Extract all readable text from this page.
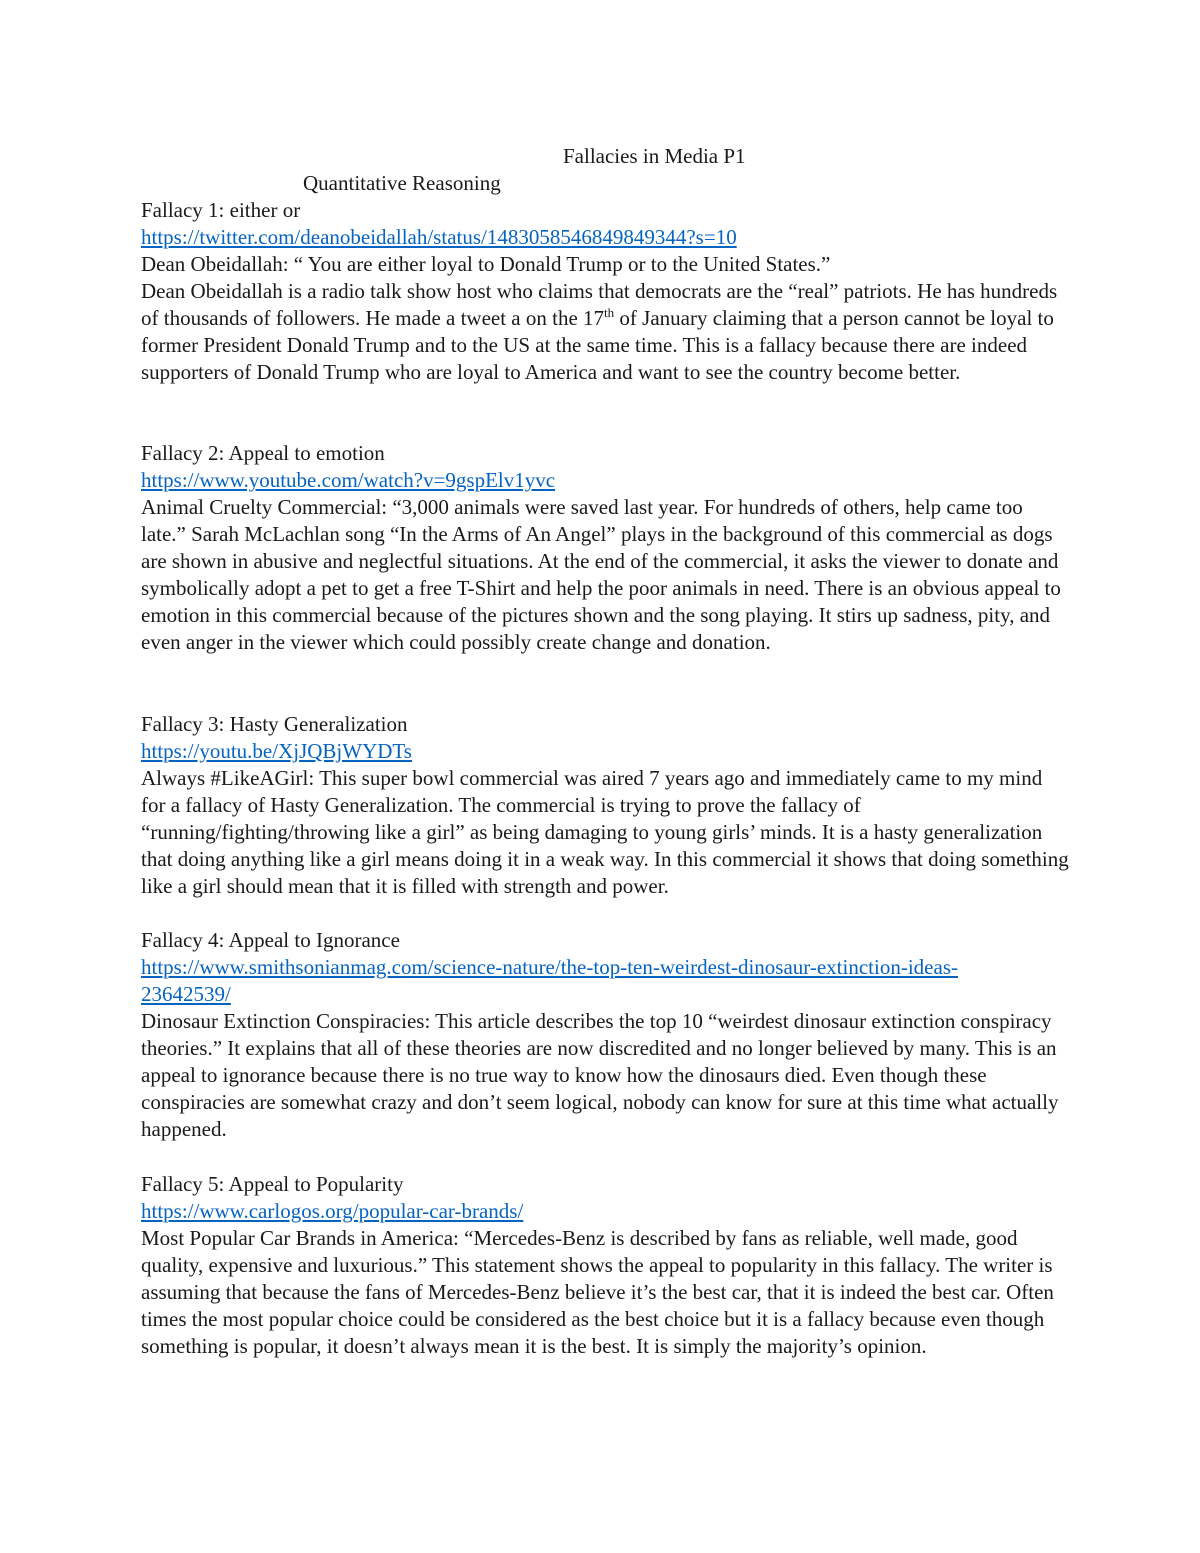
Quantitative Reasoning

Fallacies in Media P1

Fallacy 1: either or

https://twitter.com/deanobeidallah/status/1483058546849849344?s=10

Dean Obeidallah: “ You are either loyal to Donald Trump or to the United States.”

Dean Obeidallah is a radio talk show host who claims that democrats are the “real” patriots. He has hundreds of thousands of followers. He made a tweet a on the 17th of January claiming that a person cannot be loyal to former President Donald Trump and to the US at the same time. This is a fallacy because there are indeed supporters of Donald Trump who are loyal to America and want to see the country become better.

Fallacy 2: Appeal to emotion

https://www.youtube.com/watch?v=9gspElv1yvc

Animal Cruelty Commercial: “3,000 animals were saved last year. For hundreds of others, help came too late.” Sarah McLachlan song “In the Arms of An Angel” plays in the background of this commercial as dogs are shown in abusive and neglectful situations. At the end of the commercial, it asks the viewer to donate and symbolically adopt a pet to get a free T-Shirt and help the poor animals in need. There is an obvious appeal to emotion in this commercial because of the pictures shown and the song playing. It stirs up sadness, pity, and even anger in the viewer which could possibly create change and donation.

Fallacy 3: Hasty Generalization

https://youtu.be/XjJQBjWYDTs

Always #LikeAGirl: This super bowl commercial was aired 7 years ago and immediately came to my mind for a fallacy of Hasty Generalization. The commercial is trying to prove the fallacy of “running/fighting/throwing like a girl” as being damaging to young girls’ minds. It is a hasty generalization that doing anything like a girl means doing it in a weak way. In this commercial it shows that doing something like a girl should mean that it is filled with strength and power.

Fallacy 4: Appeal to Ignorance

https://www.smithsonianmag.com/science-nature/the-top-ten-weirdest-dinosaur-extinction-ideas-
23642539/

Dinosaur Extinction Conspiracies: This article describes the top 10 “weirdest dinosaur extinction conspiracy theories.” It explains that all of these theories are now discredited and no longer believed by many. This is an appeal to ignorance because there is no true way to know how the dinosaurs died. Even though these conspiracies are somewhat crazy and don’t seem logical, nobody can know for sure at this time what actually happened.

Fallacy 5: Appeal to Popularity

https://www.carlogos.org/popular-car-brands/

Most Popular Car Brands in America: “Mercedes-Benz is described by fans as reliable, well made, good quality, expensive and luxurious.” This statement shows the appeal to popularity in this fallacy. The writer is assuming that because the fans of Mercedes-Benz believe it’s the best car, that it is indeed the best car. Often times the most popular choice could be considered as the best choice but it is a fallacy because even though something is popular, it doesn’t always mean it is the best. It is simply the majority’s opinion.
